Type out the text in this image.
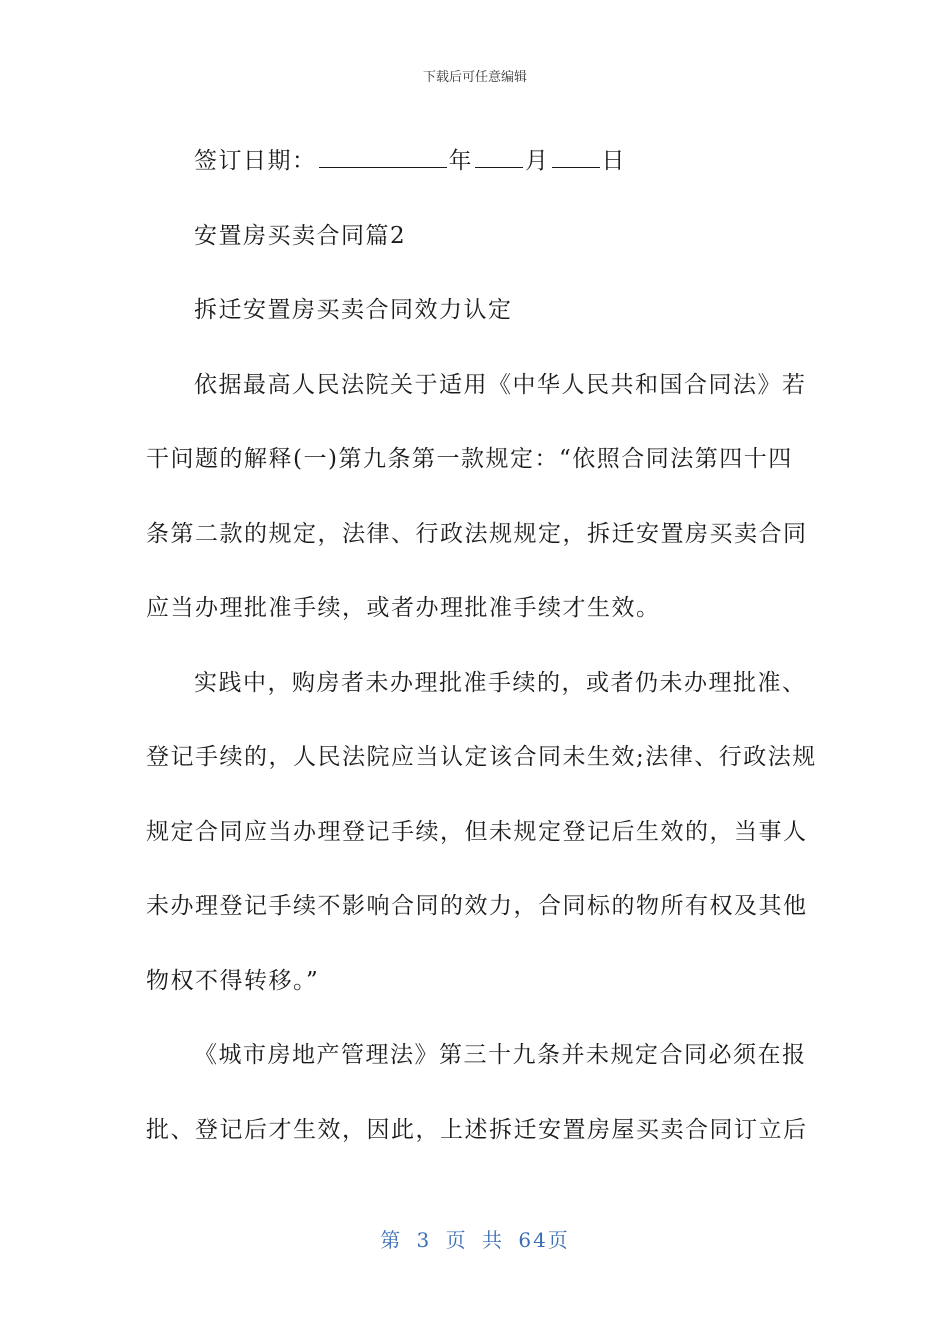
下载后可任意编辑
签订日期：	年 月 日
安置房买卖合同篇2
拆迁安置房买卖合同效力认定
依据最高人民法院关于适用《中华人民共和国合同法》若
干问题的解释(一)第九条第一款规定：“依照合同法第四十四
条第二款的规定，法律、行政法规规定，拆迁安置房买卖合同
应当办理批准手续，或者办理批准手续才生效。
实践中，购房者未办理批准手续的，或者仍未办理批准、
登记手续的，人民法院应当认定该合同未生效;法律、行政法规
规定合同应当办理登记手续，但未规定登记后生效的，当事人
未办理登记手续不影响合同的效力，合同标的物所有权及其他
物权不得转移。”
《城市房地产管理法》第三十九条并未规定合同必须在报
批、登记后才生效，因此，上述拆迁安置房屋买卖合同订立后
第 3 页 共 64页
